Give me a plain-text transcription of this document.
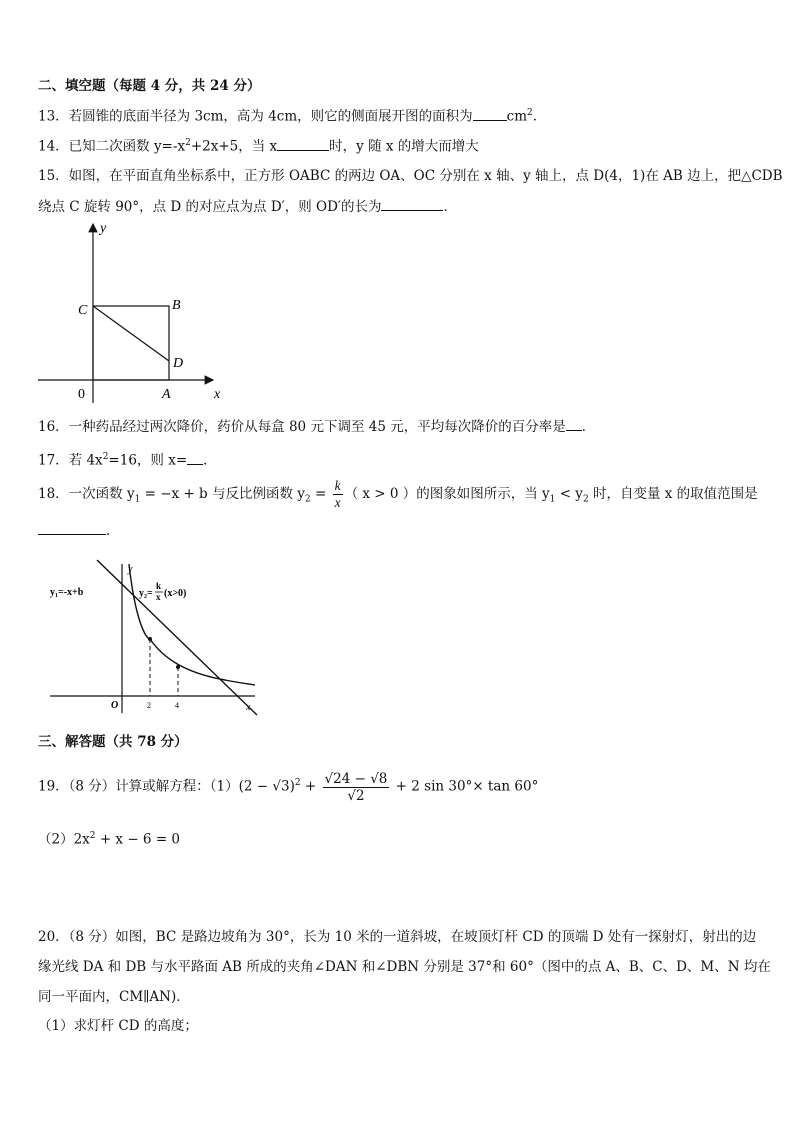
二、填空题（每题 4 分，共 24 分）
13．若圆锥的底面半径为 3cm，高为 4cm，则它的侧面展开图的面积为	$cm^2$.
14．已知二次函数 $y=-x^2+2x+5$，当 x	时，y 随 x 的增大而增大
15．如图，在平面直角坐标系中，正方形 OABC 的两边 OA、OC 分别在 x 轴、y 轴上，点 D(4，1)在 AB 边上，把△CDB
绕点 C 旋转 90°，点 D 的对应点为点 D′，则 OD′的长为	．
y
x
C	B
D
0	A
16．一种药品经过两次降价，药价从每盒 80 元下调至 45 元，平均每次降价的百分率是 ．
17．若 $4x^2=16$，则 x= ．
18．一次函数 $y_1 = -x + b$ 与反比例函数 $y_2 = \frac{k}{x}$ （ x > 0 ）的图象如图所示，当 $y_1 < y_2$ 时，自变量 x 的取值范围是
．
y₁=-x+b	y₂=
k
x (x>0)
y
x
O	2	4
三、解答题（共 78 分）
19．（8 分）计算或解方程：$(1)(2 - √3)^2 + \frac{√24 - √8}{√2} + 2$ sin 30°× tan 60°
$(2)2x^2 + x - 6 = 0$
20．（8 分）如图，BC 是路边坡角为 30°，长为 10 米的一道斜坡，在坡顶灯杆 CD 的顶端 D 处有一探射灯，射出的边
缘光线 DA 和 DB 与水平路面 AB 所成的夹角∠DAN 和∠DBN 分别是 37°和 60°（图中的点 A、B、C、D、M、N 均在
同一平面内，CM∥AN)．
（1）求灯杆 CD 的高度；
